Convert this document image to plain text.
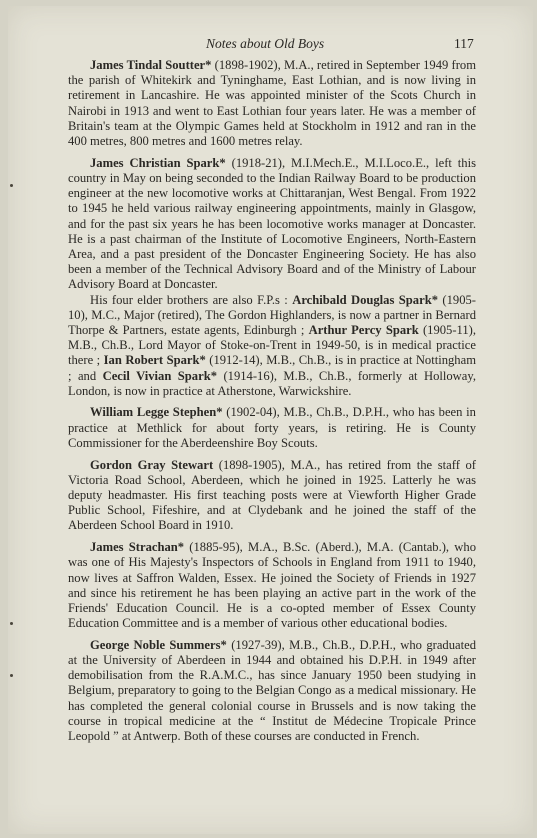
Notes about Old Boys	117

James Tindal Soutter* (1898-1902), M.A., retired in September 1949 from the parish of Whitekirk and Tyninghame, East Lothian, and is now living in retirement in Lancashire. He was appointed minister of the Scots Church in Nairobi in 1913 and went to East Lothian four years later. He was a member of Britain's team at the Olympic Games held at Stockholm in 1912 and ran in the 400 metres, 800 metres and 1600 metres relay.

James Christian Spark* (1918-21), M.I.Mech.E., M.I.Loco.E., left this country in May on being seconded to the Indian Railway Board to be production engineer at the new locomotive works at Chittaranjan, West Bengal. From 1922 to 1945 he held various railway engineering appointments, mainly in Glasgow, and for the past six years he has been locomotive works manager at Doncaster. He is a past chairman of the Institute of Locomotive Engineers, North-Eastern Area, and a past president of the Doncaster Engineering Society. He has also been a member of the Technical Advisory Board and of the Ministry of Labour Advisory Board at Doncaster.

His four elder brothers are also F.P.s : Archibald Douglas Spark* (1905-10), M.C., Major (retired), The Gordon Highlanders, is now a partner in Bernard Thorpe & Partners, estate agents, Edinburgh ; Arthur Percy Spark (1905-11), M.B., Ch.B., Lord Mayor of Stoke-on-Trent in 1949-50, is in medical practice there ; Ian Robert Spark* (1912-14), M.B., Ch.B., is in practice at Nottingham ; and Cecil Vivian Spark* (1914-16), M.B., Ch.B., formerly at Holloway, London, is now in practice at Atherstone, Warwickshire.

William Legge Stephen* (1902-04), M.B., Ch.B., D.P.H., who has been in practice at Methlick for about forty years, is retiring. He is County Commissioner for the Aberdeenshire Boy Scouts.

Gordon Gray Stewart (1898-1905), M.A., has retired from the staff of Victoria Road School, Aberdeen, which he joined in 1925. Latterly he was deputy headmaster. His first teaching posts were at Viewforth Higher Grade Public School, Fifeshire, and at Clydebank and he joined the staff of the Aberdeen School Board in 1910.

James Strachan* (1885-95), M.A., B.Sc. (Aberd.), M.A. (Cantab.), who was one of His Majesty's Inspectors of Schools in England from 1911 to 1940, now lives at Saffron Walden, Essex. He joined the Society of Friends in 1927 and since his retirement he has been playing an active part in the work of the Friends' Education Council. He is a co-opted member of Essex County Education Committee and is a member of various other educational bodies.

George Noble Summers* (1927-39), M.B., Ch.B., D.P.H., who graduated at the University of Aberdeen in 1944 and obtained his D.P.H. in 1949 after demobilisation from the R.A.M.C., has since January 1950 been studying in Belgium, preparatory to going to the Belgian Congo as a medical missionary. He has completed the general colonial course in Brussels and is now taking the course in tropical medicine at the “ Institut de Médecine Tropicale Prince Leopold ” at Antwerp. Both of these courses are conducted in French.
